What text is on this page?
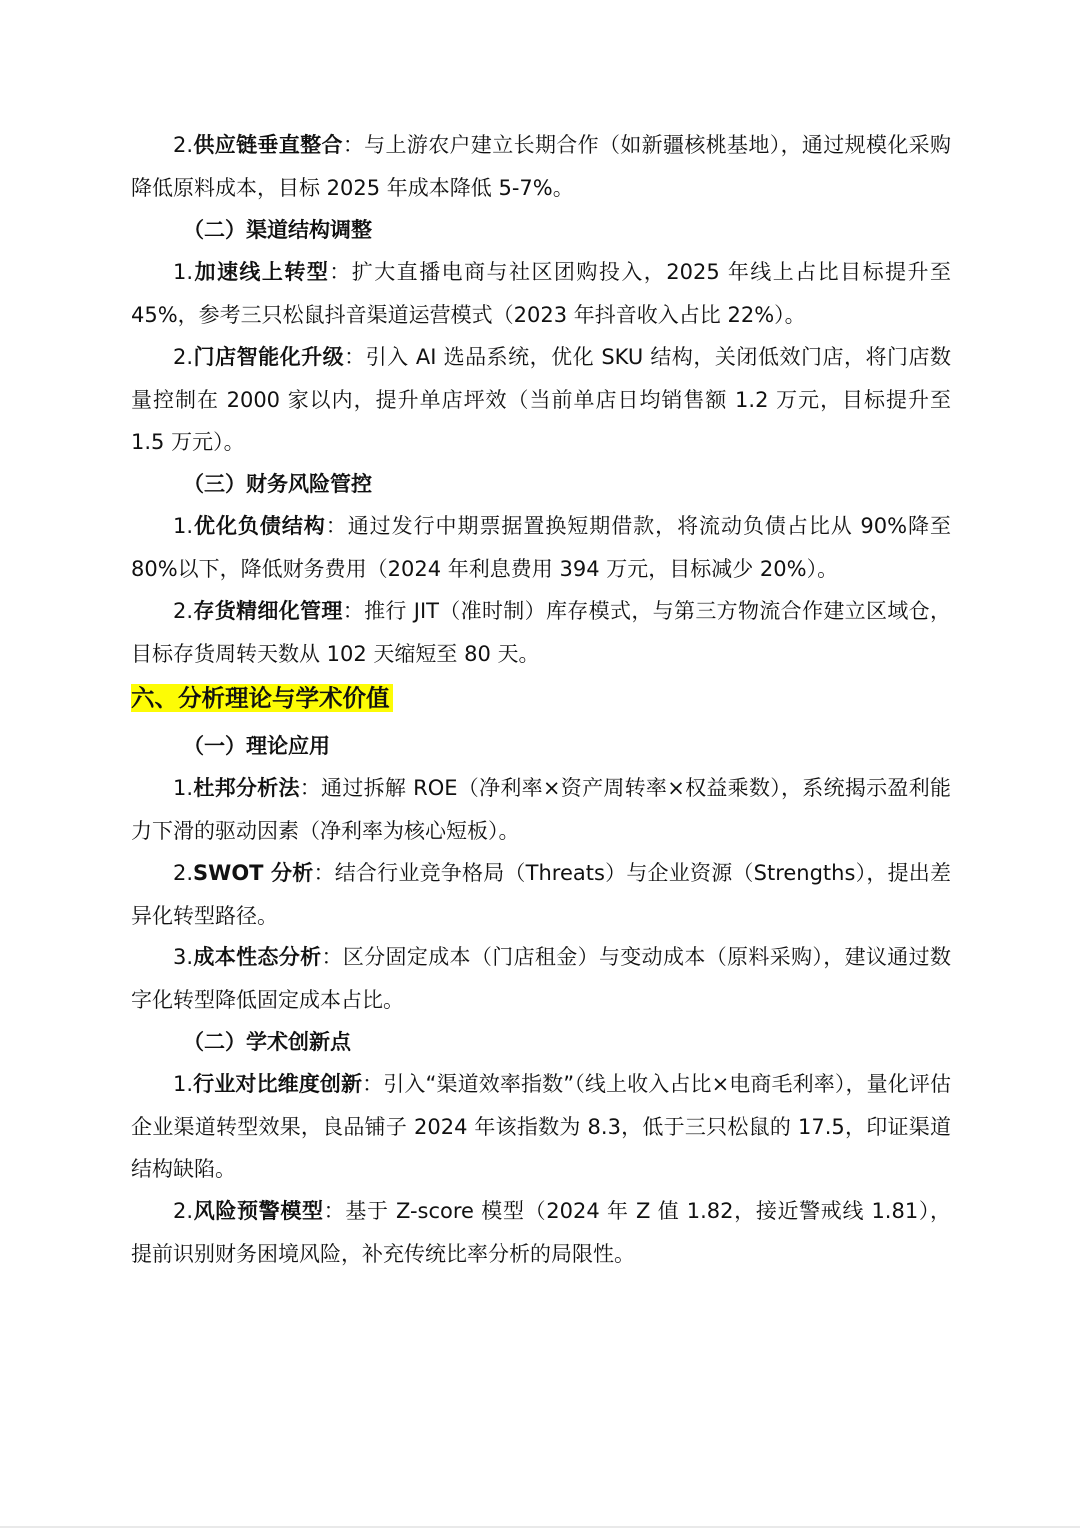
2.供应链垂直整合：与上游农户建立长期合作（如新疆核桃基地），通过规模化采购降低原料成本，目标 2025 年成本降低 5-7%。
（二）渠道结构调整
1.加速线上转型：扩大直播电商与社区团购投入，2025 年线上占比目标提升至 45%，参考三只松鼠抖音渠道运营模式（2023 年抖音收入占比 22%）。
2.门店智能化升级：引入 AI 选品系统，优化 SKU 结构，关闭低效门店，将门店数量控制在 2000 家以内，提升单店坪效（当前单店日均销售额 1.2 万元，目标提升至 1.5 万元）。
（三）财务风险管控
1.优化负债结构：通过发行中期票据置换短期借款，将流动负债占比从 90%降至 80%以下，降低财务费用（2024 年利息费用 394 万元，目标减少 20%）。
2.存货精细化管理：推行 JIT（准时制）库存模式，与第三方物流合作建立区域仓，目标存货周转天数从 102 天缩短至 80 天。
六、分析理论与学术价值
（一）理论应用
1.杜邦分析法：通过拆解 ROE（净利率×资产周转率×权益乘数），系统揭示盈利能力下滑的驱动因素（净利率为核心短板）。
2.SWOT 分析：结合行业竞争格局（Threats）与企业资源（Strengths），提出差异化转型路径。
3.成本性态分析：区分固定成本（门店租金）与变动成本（原料采购），建议通过数字化转型降低固定成本占比。
（二）学术创新点
1.行业对比维度创新：引入“渠道效率指数”（线上收入占比×电商毛利率），量化评估企业渠道转型效果，良品铺子 2024 年该指数为 8.3，低于三只松鼠的 17.5，印证渠道结构缺陷。
2.风险预警模型：基于 Z-score 模型（2024 年 Z 值 1.82，接近警戒线 1.81），提前识别财务困境风险，补充传统比率分析的局限性。
